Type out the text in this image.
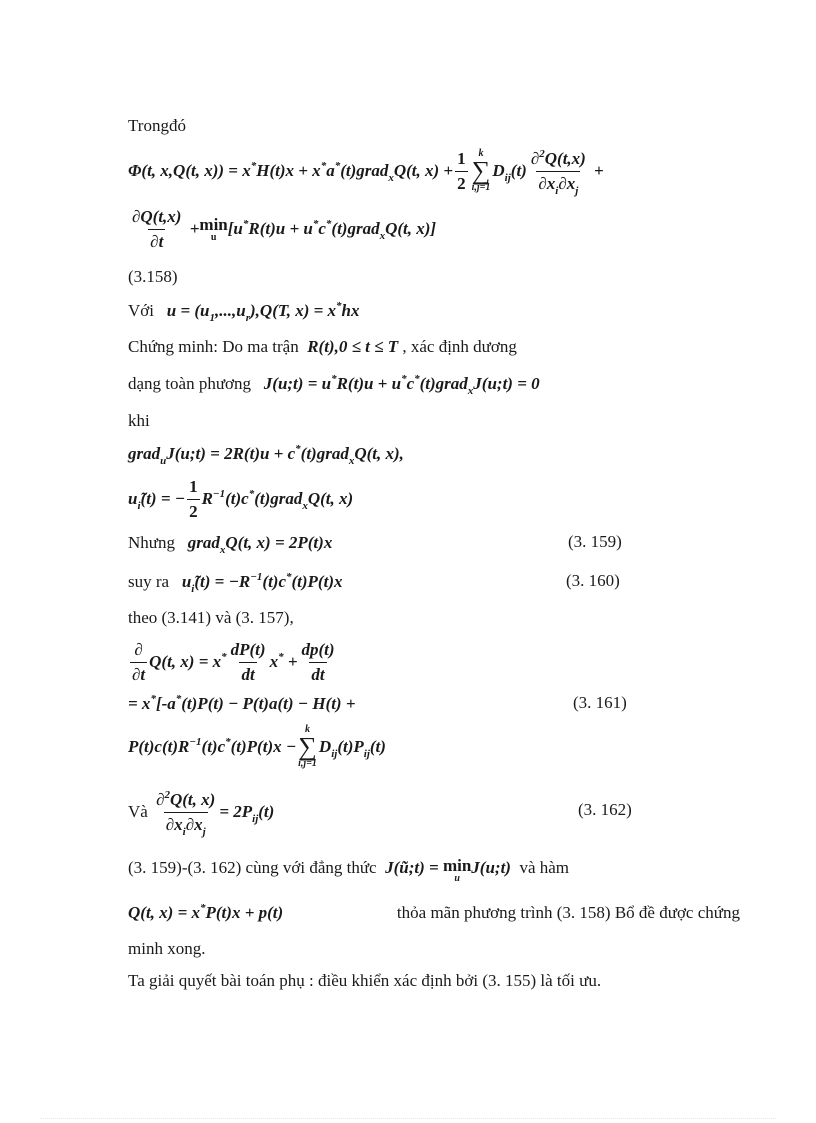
Trongđó
Φ(t, x,Q(t, x)) = x*H(t)x + x*a*(t)grad$_x$Q(t, $x) + \frac{1}{2}$ k
∑
i,j=1
$D_{ij}(t) \frac{\partial^2Q(t,x)}{\partial x_i\partial x_j}$ +
$\frac{\partial Q(t,x)}{\partial t} + \min$
u [u*R(t)u + u*c*(t)grad$_x$Q(t, x)]
(3.158)
Với   $u = (u_1,...,u_r),Q(T$, x) = x*hx
Chứng minh: Do ma trận  R(t),0 ≤ t ≤ T , xác định dương
dạng toàn phương   J(u;t) = u*R(t)u + u*c*(t)grad$_x$J(u;t) = 0
khi
grad$_u$J(u;t) = 2R(t)u + c*(t)grad$_x$Q(t, x),
$u_ĩ(t)$ = − $\frac{1}{2}$ $R^{-1}(t)c^*(t)grad_xQ(t$, x)
Nhưng   grad$_x$Q(t, x) = 2P(t)x	(3. 159)
suy ra   $u_ĩ(t) = -R^{-1}(t)c^*(t)P(t)x$	(3. 160)
theo (3.141) và (3. 157),
$\frac{\partial}{\partial t} Q(t$, $x) = x^* \frac{dP(t)}{dt} x^* + \frac{dp(t)}{dt}$
= x*[-a*(t)P(t) − P(t)a(t) − H(t) +	(3. 161)
$P(t)c(t)R^{-1}(t)c^*(t)P(t)x$ −
k
∑
i,j=1
$D_{ij}(t)P_{ij}(t)$
Và
$\frac{\partial^2Q(t, x)}{\partial x_i\partial x_j} = 2P_{ij}(t)$	(3. 162)
(3. 159)-(3. 162) cùng với đẳng thức  J(ũ;t) = min
u
J(u;t) và hàm
Q(t, x) = x*P(t)x + p(t)	thỏa mãn phương trình (3. 158) Bổ đề được chứng
minh xong.
Ta giải quyết bài toán phụ : điều khiển xác định bởi (3. 155) là tối ưu.
